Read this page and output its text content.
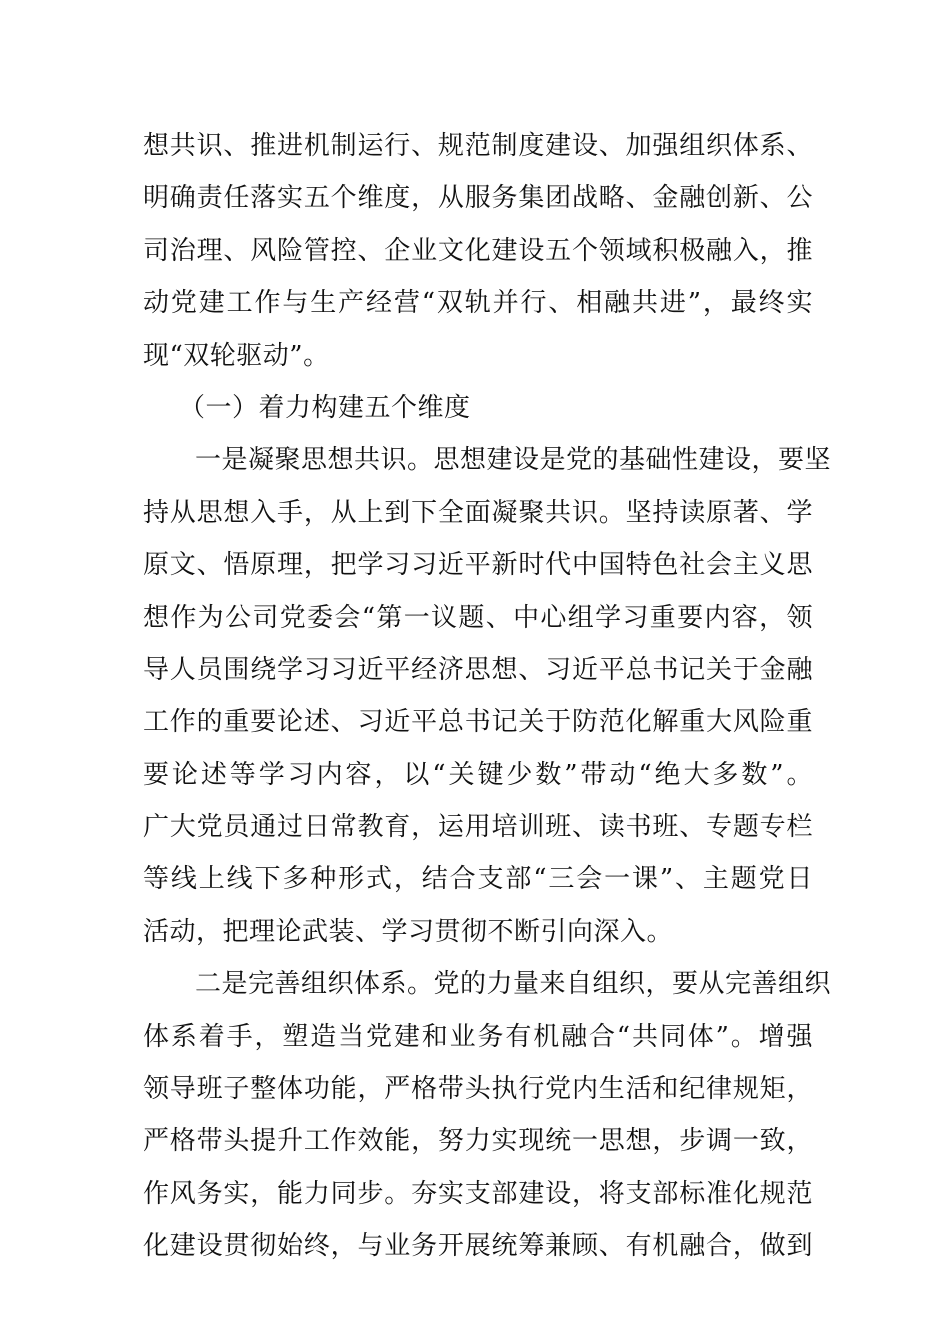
想共识、推进机制运行、规范制度建设、加强组织体系、
明确责任落实五个维度，从服务集团战略、金融创新、公
司治理、风险管控、企业文化建设五个领域积极融入，推
动党建工作与生产经营“双轨并行、相融共进”，最终实
现“双轮驱动”。
（一）着力构建五个维度
一是凝聚思想共识。思想建设是党的基础性建设，要坚
持从思想入手，从上到下全面凝聚共识。坚持读原著、学
原文、悟原理，把学习习近平新时代中国特色社会主义思
想作为公司党委会“第一议题、中心组学习重要内容，领
导人员围绕学习习近平经济思想、习近平总书记关于金融
工作的重要论述、习近平总书记关于防范化解重大风险重
要论述等学习内容，以“关键少数”带动“绝大多数”。
广大党员通过日常教育，运用培训班、读书班、专题专栏
等线上线下多种形式，结合支部“三会一课”、主题党日
活动，把理论武装、学习贯彻不断引向深入。
二是完善组织体系。党的力量来自组织，要从完善组织
体系着手，塑造当党建和业务有机融合“共同体”。增强
领导班子整体功能，严格带头执行党内生活和纪律规矩，
严格带头提升工作效能，努力实现统一思想，步调一致，
作风务实，能力同步。夯实支部建设，将支部标准化规范
化建设贯彻始终，与业务开展统筹兼顾、有机融合，做到
